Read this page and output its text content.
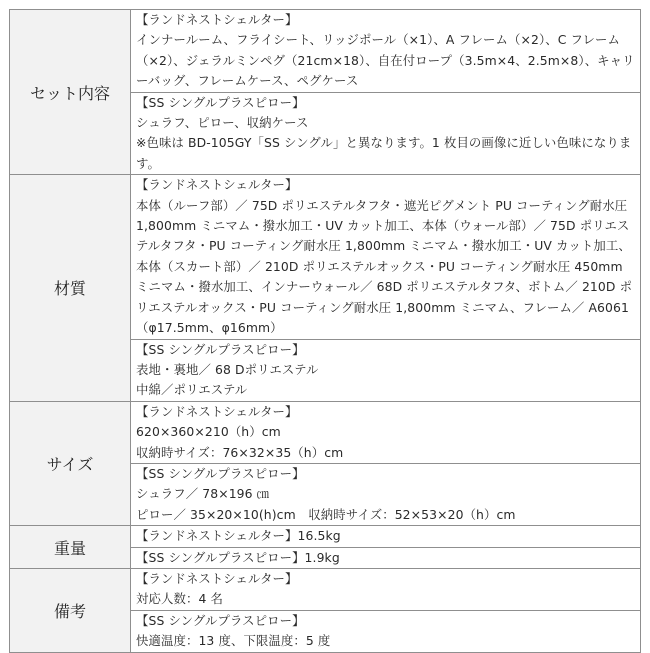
セット内容	【ランドネストシェルター】
インナールーム、フライシート、リッジポール（×1）、A フレーム（×2）、C フレーム（×2）、ジェラルミンペグ（21cm×18）、自在付ロープ（3.5m×4、2.5m×8）、キャリーバッグ、フレームケース、ペグケース
	【SS シングルプラスピロー】
シュラフ、ピロー、収納ケース
※色味は BD-105GY「SS シングル」と異なります。1 枚目の画像に近しい色味になります。
材質	【ランドネストシェルター】
本体（ルーフ部）／ 75D ポリエステルタフタ・遮光ピグメント PU コーティング耐水圧 1,800mm ミニマム・撥水加工・UV カット加工、本体（ウォール部）／ 75D ポリエステルタフタ・PU コーティング耐水圧 1,800mm ミニマム・撥水加工・UV カット加工、本体（スカート部）／ 210D ポリエステルオックス・PU コーティング耐水圧 450mm ミニマム・撥水加工、インナーウォール／ 68D ポリエステルタフタ、ボトム／ 210D ポリエステルオックス・PU コーティング耐水圧 1,800mm ミニマム、フレーム／ A6061（φ17.5mm、φ16mm）
	【SS シングルプラスピロー】
表地・裏地／ 68 Dポリエステル
中綿／ポリエステル
サイズ	【ランドネストシェルター】
620×360×210（h）cm
収納時サイズ：76×32×35（h）cm
	【SS シングルプラスピロー】
シュラフ／ 78×196 ㎝
ピロー／ 35×20×10(h)cm　収納時サイズ：52×53×20（h）cm
重量	【ランドネストシェルター】16.5kg
	【SS シングルプラスピロー】1.9kg
備考	【ランドネストシェルター】
対応人数：4 名
	【SS シングルプラスピロー】
快適温度：13 度、下限温度：5 度
